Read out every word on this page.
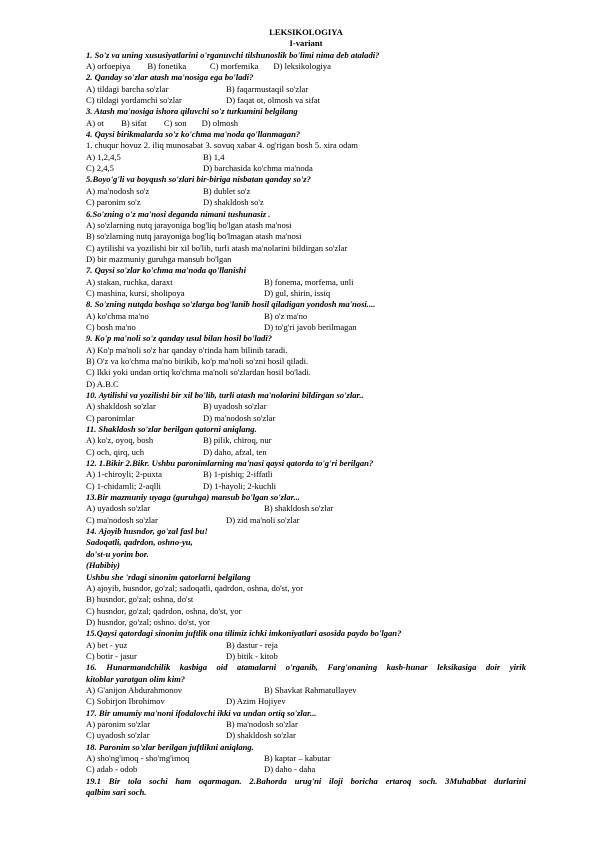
LEKSIKOLOGIYA
I-variant
1. So'z va uning xususiyatlarini o'rganuvchi tilshunoslik bo'limi nima deb ataladi?
A) orfoepiya B) fonetika	C) morfemika D) leksikologiya
2. Qanday so'zlar atash ma'nosiga ega bo'ladi?
A) tildagi barcha so'zlar	B) faqarmustaqil so'zlar
C) tildagi yordamchi so'zlar	D) faqat ot, olmosh va sifat
3. Atash ma'nosiga ishora qiluvchi so'z turkumini belgilang
A) ot B) sifat C) son D) olmosh
4. Qaysi birikmalarda so'z ko'chma ma'noda qo'llanmagan?
1. chuqur hovuz 2. iliq munosabat 3. sovuq xabar 4. og'rigan bosh 5. xira odam
A) 1,2,4,5	B) 1,4
C) 2,4,5	D) barchasida ko'chma ma'noda
5.Boyo'g'li va boyqush so'zlari bir-biriga nisbatan qanday so'z?
A) ma'nodosh so'z	B) dublet so'z
C) paronim so'z	D) shakldosh so'z
6.So'zning o'z ma'nosi deganda nimani tushunasiz .
A) so'zlarning nutq jarayoniga bog'liq bo'lgan atash ma'nosi
B) so'zlarning nutq jarayoniga bog'liq bo'lmagan atash ma'nosi
C) aytilishi va yozilishi bir xil bo'lib, turli atash ma'nolarini bildirgan so'zlar
D) bir mazmuniy guruhga mansub bo'lgan
7. Qaysi so'zlar ko'chma ma'noda qo'llanishi
A) stakan, ruchka, daraxt	B) fonema, morfema, unli
C) mashina, kursi, sholipoya	D) gul, shirin, issiq
8. So'zning nutqda boshqa so'zlarga bog'lanib hosil qiladigan yondosh ma'nosi....
A) ko'chma ma'no	B) o'z ma'no
C) bosh ma'no	D) to'g'ri javob berilmagan
9. Ko'p ma'noli so'z qanday usul bilan hosil bo'ladi?
A) Ko'p ma'noli so'z har qanday o'rinda ham bilinib taradi.
B) O'z va ko'chma ma'no birikib, ko'p ma'noli so'zni hosil qiladi.
C) Ikki yoki undan ortiq ko'chma ma'noli so'zlardan hosil bo'ladi.
D) A.B.C
10. Aytilishi va yozilishi bir xil bo'lib, turli atash ma'nolarini bildirgan so'zlar..
A) shakldosh so'zlar	B) uyadosh so'zlar
C) paronimlar	D) ma'nodosh so'zlar
11. Shakldosh so'zlar berilgan qatorni aniqlang.
A) ko'z, oyoq, bosh	B) pilik, chiroq, nur
C) och, qirq, uch	D) daho, afzal, ten
12. 1.Bikir 2.Bikr. Ushbu paronimlarning ma'nasi qaysi qatorda to'g'ri berilgan?
A) 1-chiroyli; 2-puxta	B) 1-pishiq; 2-iffatli
C) 1-chidamli; 2-aqlli	D) 1-hayoli; 2-kuchli
13.Bir mazmuniy uyaga (guruhga) mansub bo'lgan so'zlar...
A) uyadosh so'zlar	B) shakldosh so'zlar
C) ma'nodosh so'zlar	D) zid ma'noli so'zlar
14. Ajoyib husndor, go'zal fasl bu!
Sadoqatli, qadrdon, oshno-yu,
do'st-u yorim bor.
(Habibiy)
Ushbu she 'rdagi sinonim qatorlarni belgilang
A) ajoyib, husndor, go'zal; sadoqatli, qadrdon, oshna, do'st, yor
B) husndor, go'zal; oshna, do'st
C) husndor, go'zal; qadrdon, oshna, do'st, yor
D) husndor, go'zal; oshno. do'st, yor
15.Qaysi qatordagi sinonim juftlik ona tilimiz ichki imkoniyatlari asosida paydo bo'lgan?
A) bet - yuz	B) dastur - reja
C) botir - jasur	D) bitik - kitob
16. Hunarmandchilik kasbiga oid atamalarni o'rganib, Farg'onaning kasb-hunar leksikasiga doir yirik
kitoblar yaratgan olim kim?
A) G'anijon Abdurahmonov	B) Shavkat Rahmatullayev
C) Sobirjon Ibrohimov	D) Azim Hojiyev
17. Bir umumiy ma'noni ifodalovchi ikki va undan ortiq so'zlar...
A) paronim so'zlar	B) ma'nodosh so'zlar
C) uyadosh so'zlar	D) shakldosh so'zlar
18. Paronim so'zlar berilgan juftlikni aniqlang.
A) sho'ng'imoq - sho'mg'imoq	B) kaptar – kabutar
C) adab - odob	D) daho - daha
19.1 Bir tola sochi ham oqarmagan. 2.Bahorda urug'ni iloji boricha ertaroq soch. 3Muhabbat durlarini
qalbim sari soch.
